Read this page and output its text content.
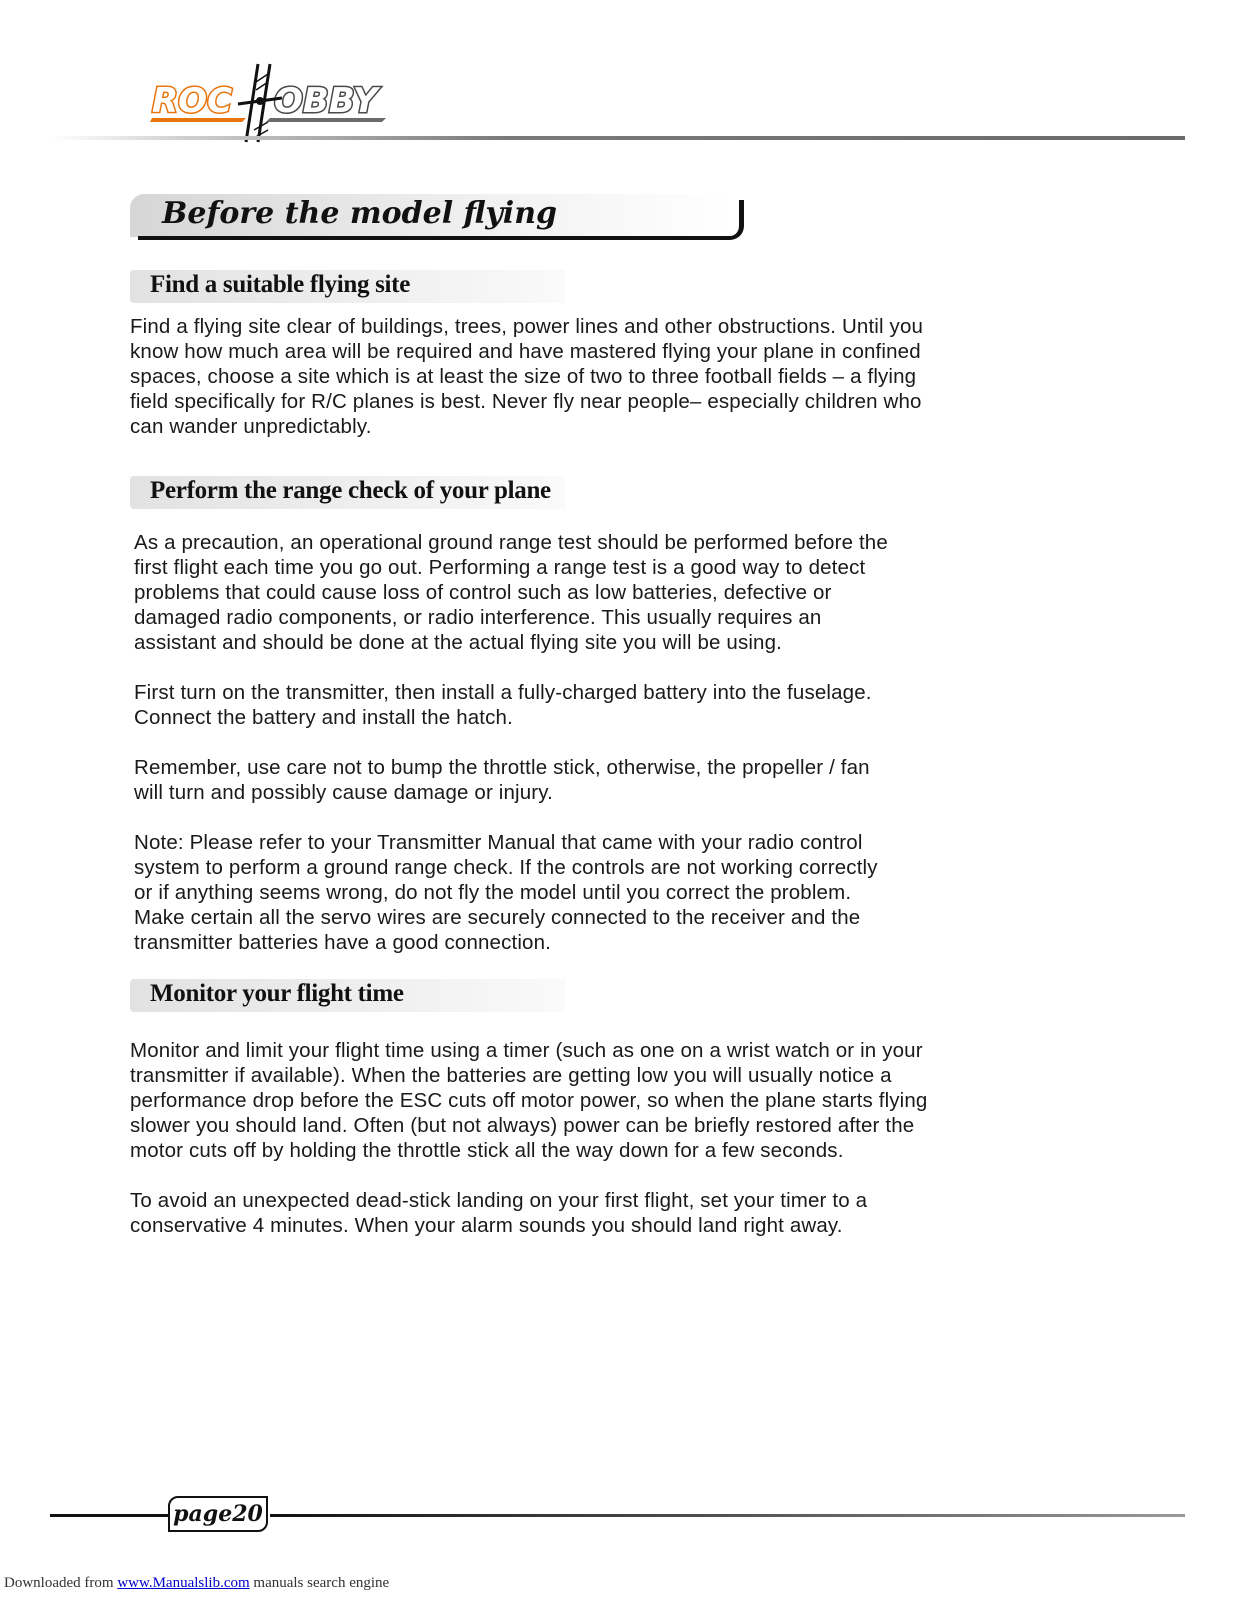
ROC OBBY
Before the model flying
Find a suitable flying site

Find a flying site clear of buildings, trees, power lines and other obstructions. Until you
know how much area will be required and have mastered flying your plane in confined
spaces, choose a site which is at least the size of two to three football fields – a flying
field specifically for R/C planes is best. Never fly near people– especially children who
can wander unpredictably.

Perform the range check of your plane

As a precaution, an operational ground range test should be performed before the
first flight each time you go out. Performing a range test is a good way to detect
problems that could cause loss of control such as low batteries, defective or
damaged radio components, or radio interference. This usually requires an
assistant and should be done at the actual flying site you will be using.

First turn on the transmitter, then install a fully-charged battery into the fuselage.
Connect the battery and install the hatch.

Remember, use care not to bump the throttle stick, otherwise, the propeller / fan
will turn and possibly cause damage or injury.

Note: Please refer to your Transmitter Manual that came with your radio control
system to perform a ground range check. If the controls are not working correctly
or if anything seems wrong, do not fly the model until you correct the problem.
Make certain all the servo wires are securely connected to the receiver and the
transmitter batteries have a good connection.

Monitor your flight time

Monitor and limit your flight time using a timer (such as one on a wrist watch or in your
transmitter if available). When the batteries are getting low you will usually notice a
performance drop before the ESC cuts off motor power, so when the plane starts flying
slower you should land. Often (but not always) power can be briefly restored after the
motor cuts off by holding the throttle stick all the way down for a few seconds.

To avoid an unexpected dead-stick landing on your first flight, set your timer to a
conservative 4 minutes. When your alarm sounds you should land right away.

page20
Downloaded from www.Manualslib.com manuals search engine
